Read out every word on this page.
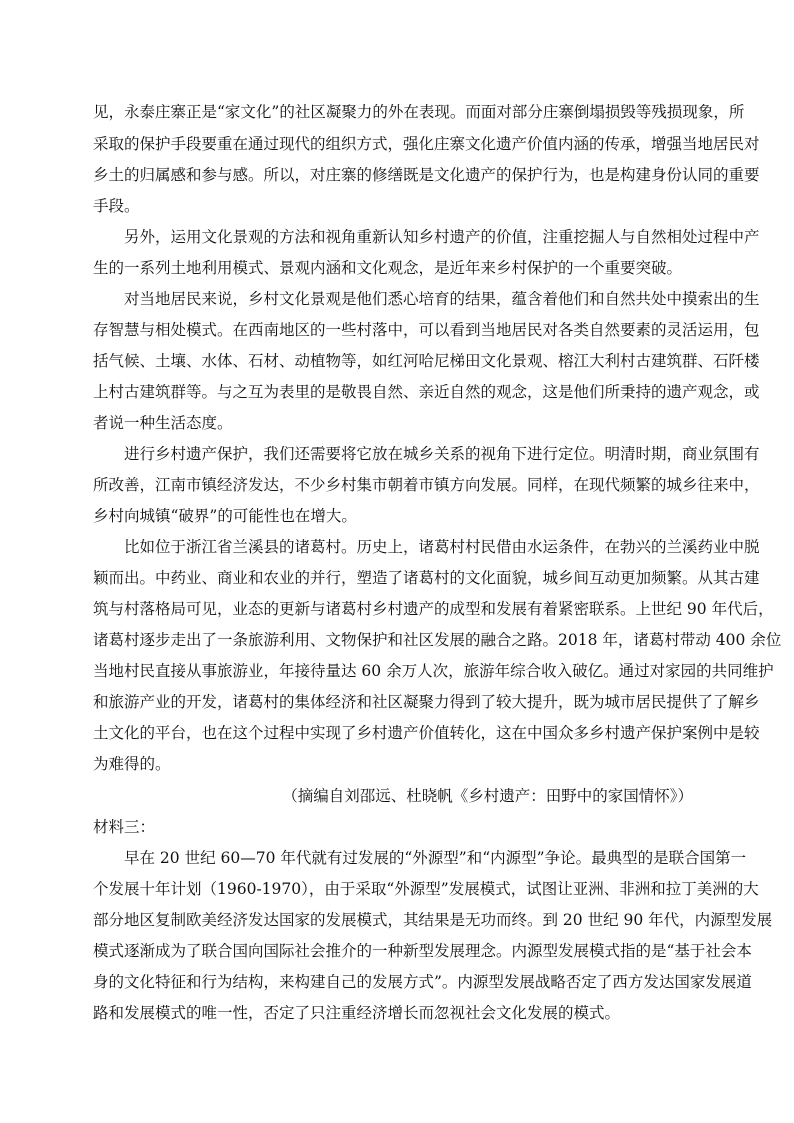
见，永泰庄寨正是“家文化”的社区凝聚力的外在表现。而面对部分庄寨倒塌损毁等残损现象，所
采取的保护手段要重在通过现代的组织方式，强化庄寨文化遗产价值内涵的传承，增强当地居民对
乡土的归属感和参与感。所以，对庄寨的修缮既是文化遗产的保护行为，也是构建身份认同的重要
手段。
另外，运用文化景观的方法和视角重新认知乡村遗产的价值，注重挖掘人与自然相处过程中产
生的一系列土地利用模式、景观内涵和文化观念，是近年来乡村保护的一个重要突破。
对当地居民来说，乡村文化景观是他们悉心培育的结果，蕴含着他们和自然共处中摸索出的生
存智慧与相处模式。在西南地区的一些村落中，可以看到当地居民对各类自然要素的灵活运用，包
括气候、土壤、水体、石材、动植物等，如红河哈尼梯田文化景观、榕江大利村古建筑群、石阡楼
上村古建筑群等。与之互为表里的是敬畏自然、亲近自然的观念，这是他们所秉持的遗产观念，或
者说一种生活态度。
进行乡村遗产保护，我们还需要将它放在城乡关系的视角下进行定位。明清时期，商业氛围有
所改善，江南市镇经济发达，不少乡村集市朝着市镇方向发展。同样，在现代频繁的城乡往来中，
乡村向城镇“破界”的可能性也在增大。
比如位于浙江省兰溪县的诸葛村。历史上，诸葛村村民借由水运条件，在勃兴的兰溪药业中脱
颖而出。中药业、商业和农业的并行，塑造了诸葛村的文化面貌，城乡间互动更加频繁。从其古建
筑与村落格局可见，业态的更新与诸葛村乡村遗产的成型和发展有着紧密联系。上世纪 90 年代后，
诸葛村逐步走出了一条旅游利用、文物保护和社区发展的融合之路。2018 年，诸葛村带动 400 余位
当地村民直接从事旅游业，年接待量达 60 余万人次，旅游年综合收入破亿。通过对家园的共同维护
和旅游产业的开发，诸葛村的集体经济和社区凝聚力得到了较大提升，既为城市居民提供了了解乡
土文化的平台，也在这个过程中实现了乡村遗产价值转化，这在中国众多乡村遗产保护案例中是较
为难得的。
（摘编自刘邵远、杜晓帆《乡村遗产：田野中的家国情怀》）
材料三：
早在 20 世纪 60—70 年代就有过发展的“外源型”和“内源型”争论。最典型的是联合国第一
个发展十年计划（1960-1970），由于采取“外源型”发展模式，试图让亚洲、非洲和拉丁美洲的大
部分地区复制欧美经济发达国家的发展模式，其结果是无功而终。到 20 世纪 90 年代，内源型发展
模式逐渐成为了联合国向国际社会推介的一种新型发展理念。内源型发展模式指的是“基于社会本
身的文化特征和行为结构，来构建自己的发展方式”。内源型发展战略否定了西方发达国家发展道
路和发展模式的唯一性，否定了只注重经济增长而忽视社会文化发展的模式。
